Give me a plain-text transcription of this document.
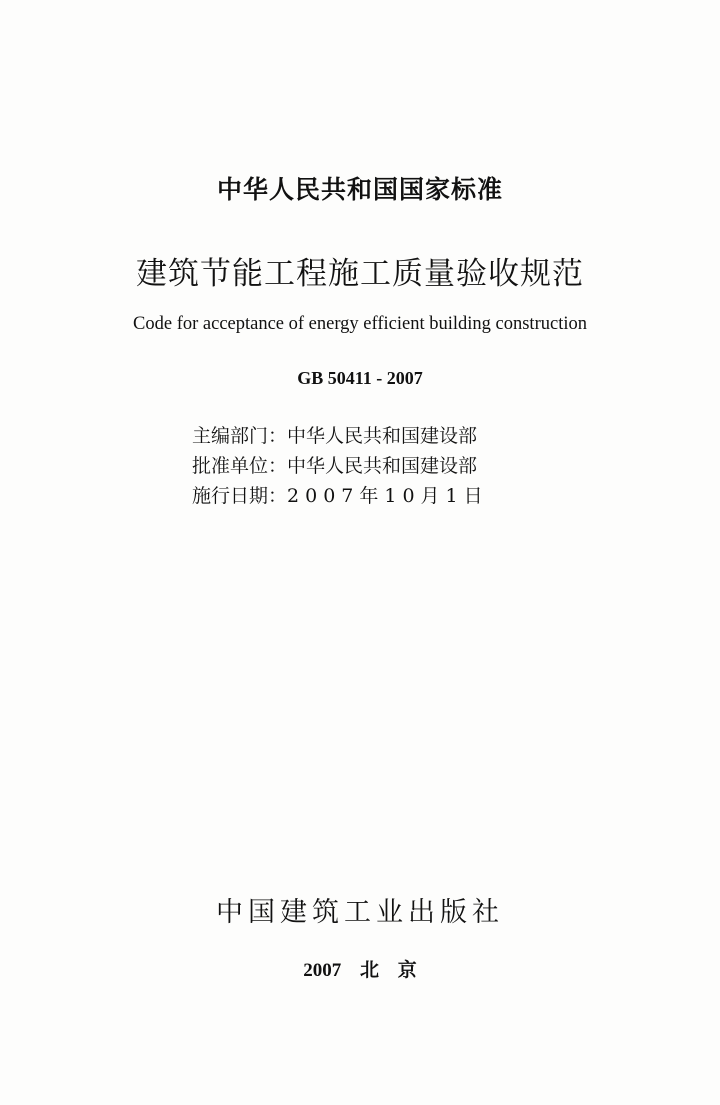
中华人民共和国国家标准
建筑节能工程施工质量验收规范
Code for acceptance of energy efficient building construction
GB 50411 - 2007
主编部门：中华人民共和国建设部
批准单位：中华人民共和国建设部
施行日期：2007年10月1日
中国建筑工业出版社
2007 北 京
